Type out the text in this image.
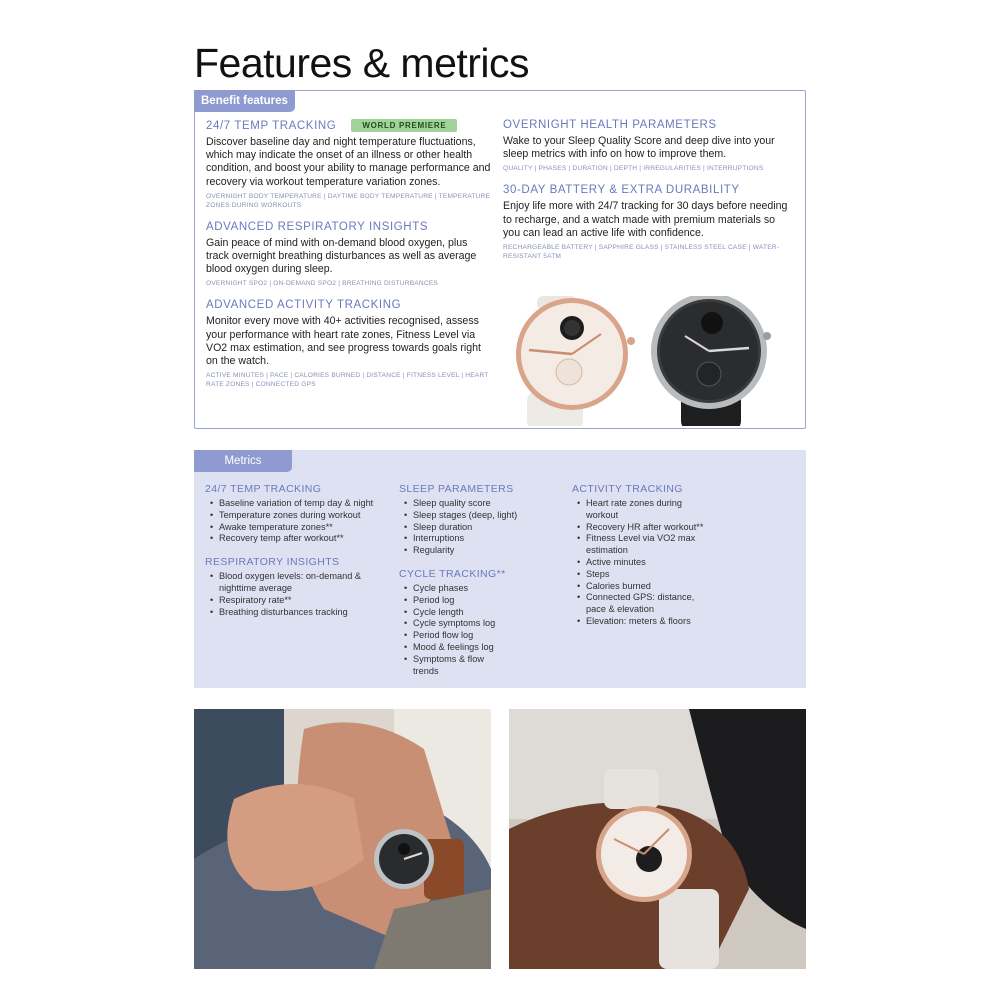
Features & metrics
Benefit features
24/7 TEMP TRACKING	WORLD PREMIERE
Discover baseline day and night temperature fluctuations, which may indicate the onset of an illness or other health condition, and boost your ability to manage performance and recovery via workout temperature variation zones.
OVERNIGHT BODY TEMPERATURE | DAYTIME BODY TEMPERATURE | TEMPERATURE ZONES DURING WORKOUTS
ADVANCED RESPIRATORY INSIGHTS
Gain peace of mind with on-demand blood oxygen, plus track overnight breathing disturbances as well as average blood oxygen during sleep.
OVERNIGHT SPO2 | ON-DEMAND SPO2 | BREATHING DISTURBANCES
ADVANCED ACTIVITY TRACKING
Monitor every move with 40+ activities recognised, assess your performance with heart rate zones, Fitness Level via VO2 max estimation, and see progress towards goals right on the watch.
ACTIVE MINUTES | PACE | CALORIES BURNED | DISTANCE | FITNESS LEVEL | HEART RATE ZONES | CONNECTED GPS
OVERNIGHT HEALTH PARAMETERS
Wake to your Sleep Quality Score and deep dive into your sleep metrics with info on how to improve them.
QUALITY | PHASES | DURATION | DEPTH | IRREGULARITIES | INTERRUPTIONS
30-DAY BATTERY & EXTRA DURABILITY
Enjoy life more with 24/7 tracking for 30 days before needing to recharge, and a watch made with premium materials so you can lead an active life with confidence.
RECHARGEABLE BATTERY | SAPPHIRE GLASS | STAINLESS STEEL CASE | WATER-RESISTANT 5ATM
Metrics
24/7 TEMP TRACKING
• Baseline variation of temp day & night
• Temperature zones during workout
• Awake temperature zones**
• Recovery temp after workout**
RESPIRATORY INSIGHTS
• Blood oxygen levels: on-demand & nighttime average
• Respiratory rate**
• Breathing disturbances tracking
SLEEP PARAMETERS
• Sleep quality score
• Sleep stages (deep, light)
• Sleep duration
• Interruptions
• Regularity
CYCLE TRACKING**
• Cycle phases
• Period log
• Cycle length
• Cycle symptoms log
• Period flow log
• Mood & feelings log
• Symptoms & flow trends
ACTIVITY TRACKING
• Heart rate zones during workout
• Recovery HR after workout**
• Fitness Level via VO2 max estimation
• Active minutes
• Steps
• Calories burned
• Connected GPS: distance, pace & elevation
• Elevation: meters & floors
